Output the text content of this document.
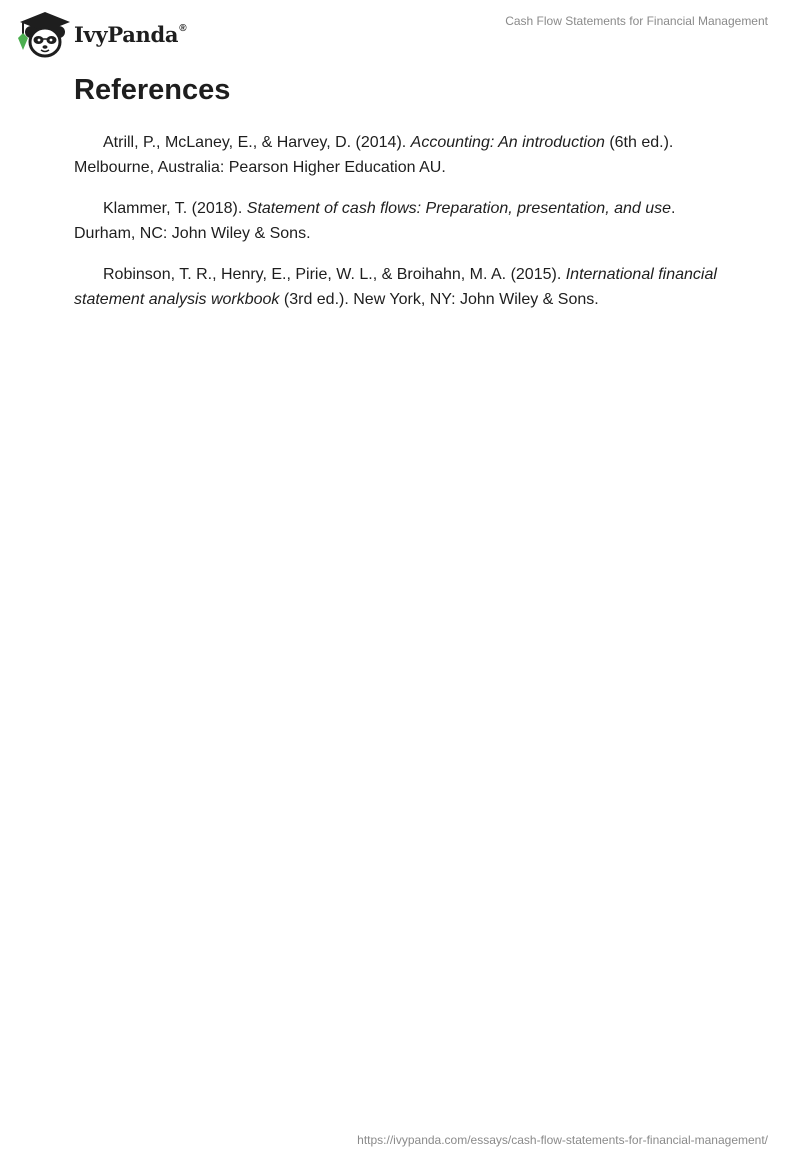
IvyPanda®	Cash Flow Statements for Financial Management
References

Atrill, P., McLaney, E., & Harvey, D. (2014). Accounting: An introduction (6th ed.). Melbourne, Australia: Pearson Higher Education AU.

Klammer, T. (2018). Statement of cash flows: Preparation, presentation, and use. Durham, NC: John Wiley & Sons.

Robinson, T. R., Henry, E., Pirie, W. L., & Broihahn, M. A. (2015). International financial statement analysis workbook (3rd ed.). New York, NY: John Wiley & Sons.

https://ivypanda.com/essays/cash-flow-statements-for-financial-management/
